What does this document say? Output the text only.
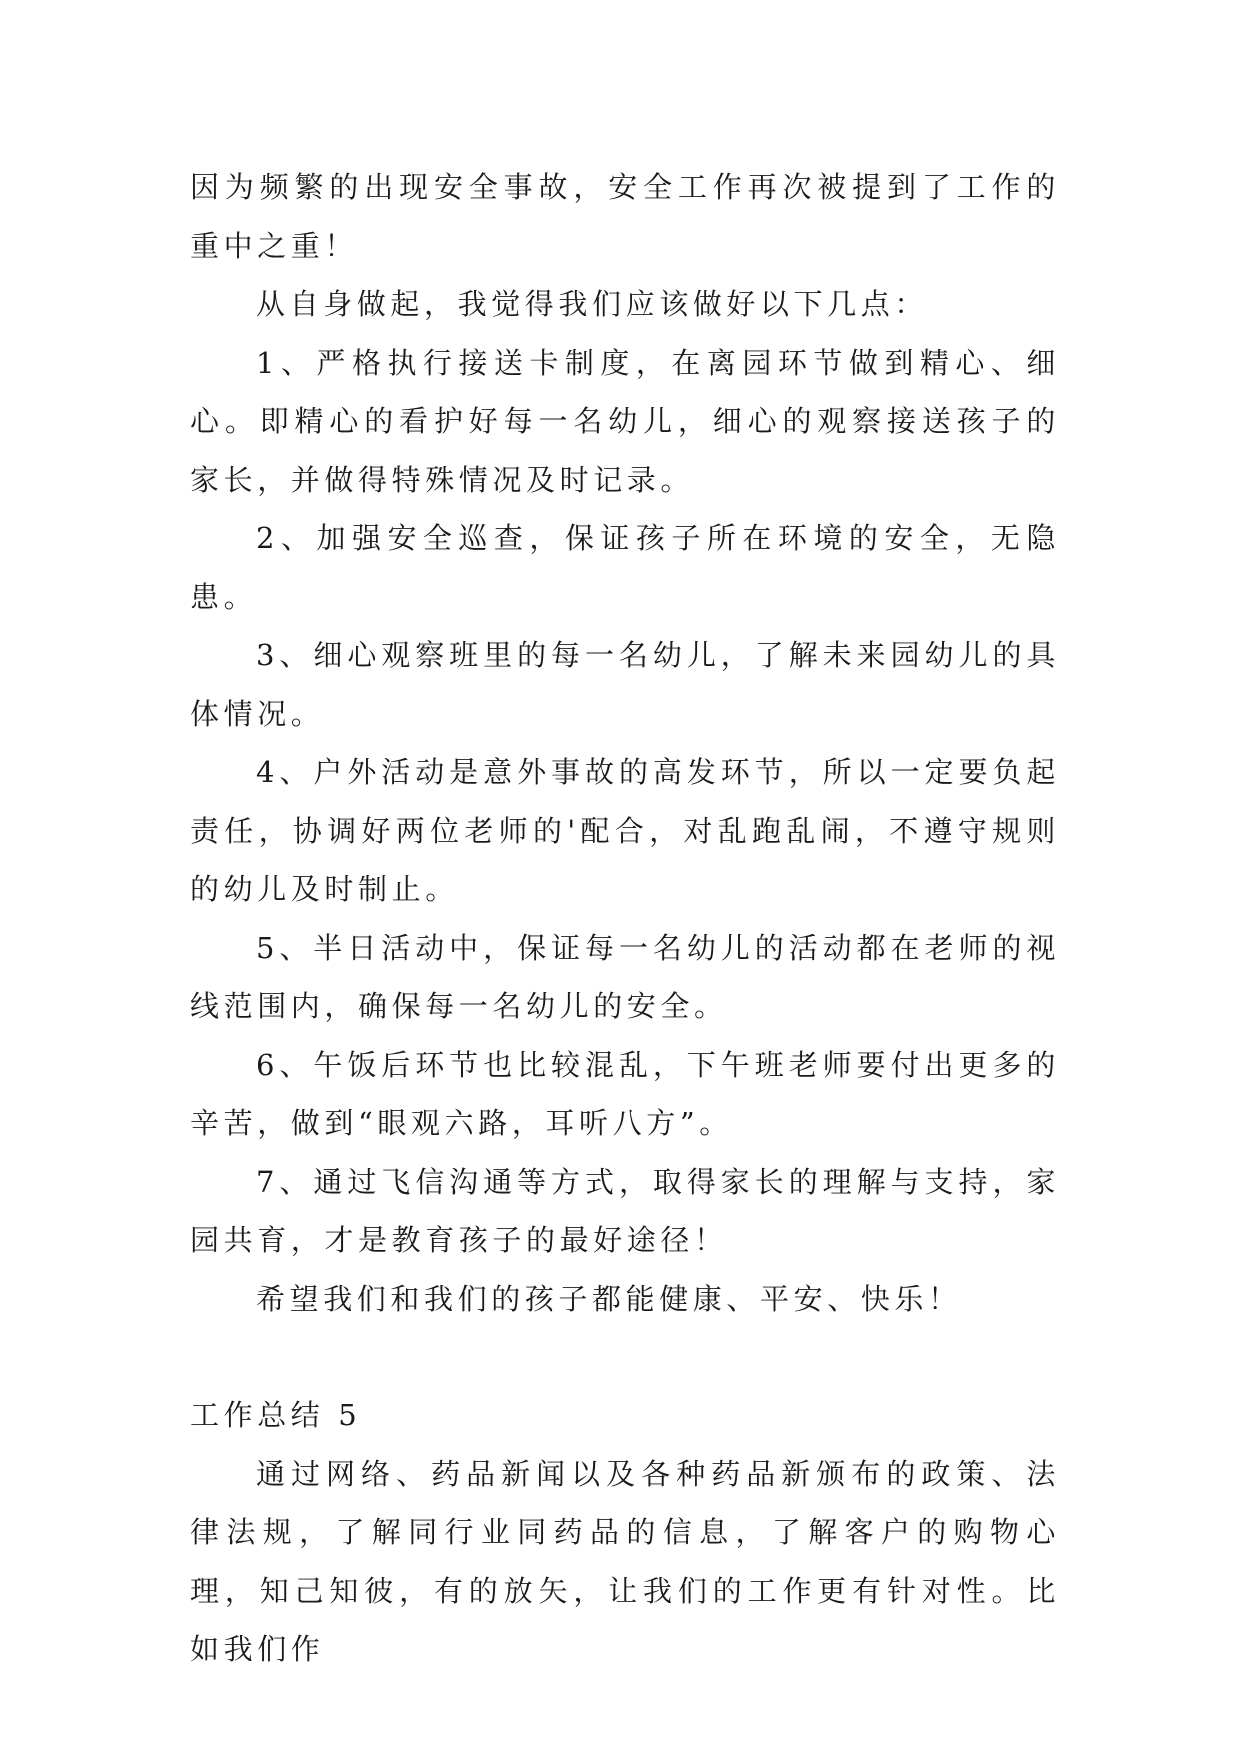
因为频繁的出现安全事故，安全工作再次被提到了工作的重中之重！

从自身做起，我觉得我们应该做好以下几点：

1、严格执行接送卡制度，在离园环节做到精心、细心。即精心的看护好每一名幼儿，细心的观察接送孩子的家长，并做得特殊情况及时记录。

2、加强安全巡查，保证孩子所在环境的安全，无隐患。

3、细心观察班里的每一名幼儿，了解未来园幼儿的具体情况。

4、户外活动是意外事故的高发环节，所以一定要负起责任，协调好两位老师的'配合，对乱跑乱闹，不遵守规则的幼儿及时制止。

5、半日活动中，保证每一名幼儿的活动都在老师的视线范围内，确保每一名幼儿的安全。

6、午饭后环节也比较混乱，下午班老师要付出更多的辛苦，做到“眼观六路，耳听八方”。

7、通过飞信沟通等方式，取得家长的理解与支持，家园共育，才是教育孩子的最好途径！

希望我们和我们的孩子都能健康、平安、快乐！

工作总结 5

通过网络、药品新闻以及各种药品新颁布的政策、法律法规，了解同行业同药品的信息，了解客户的购物心理，知己知彼，有的放矢，让我们的工作更有针对性。比如我们作
